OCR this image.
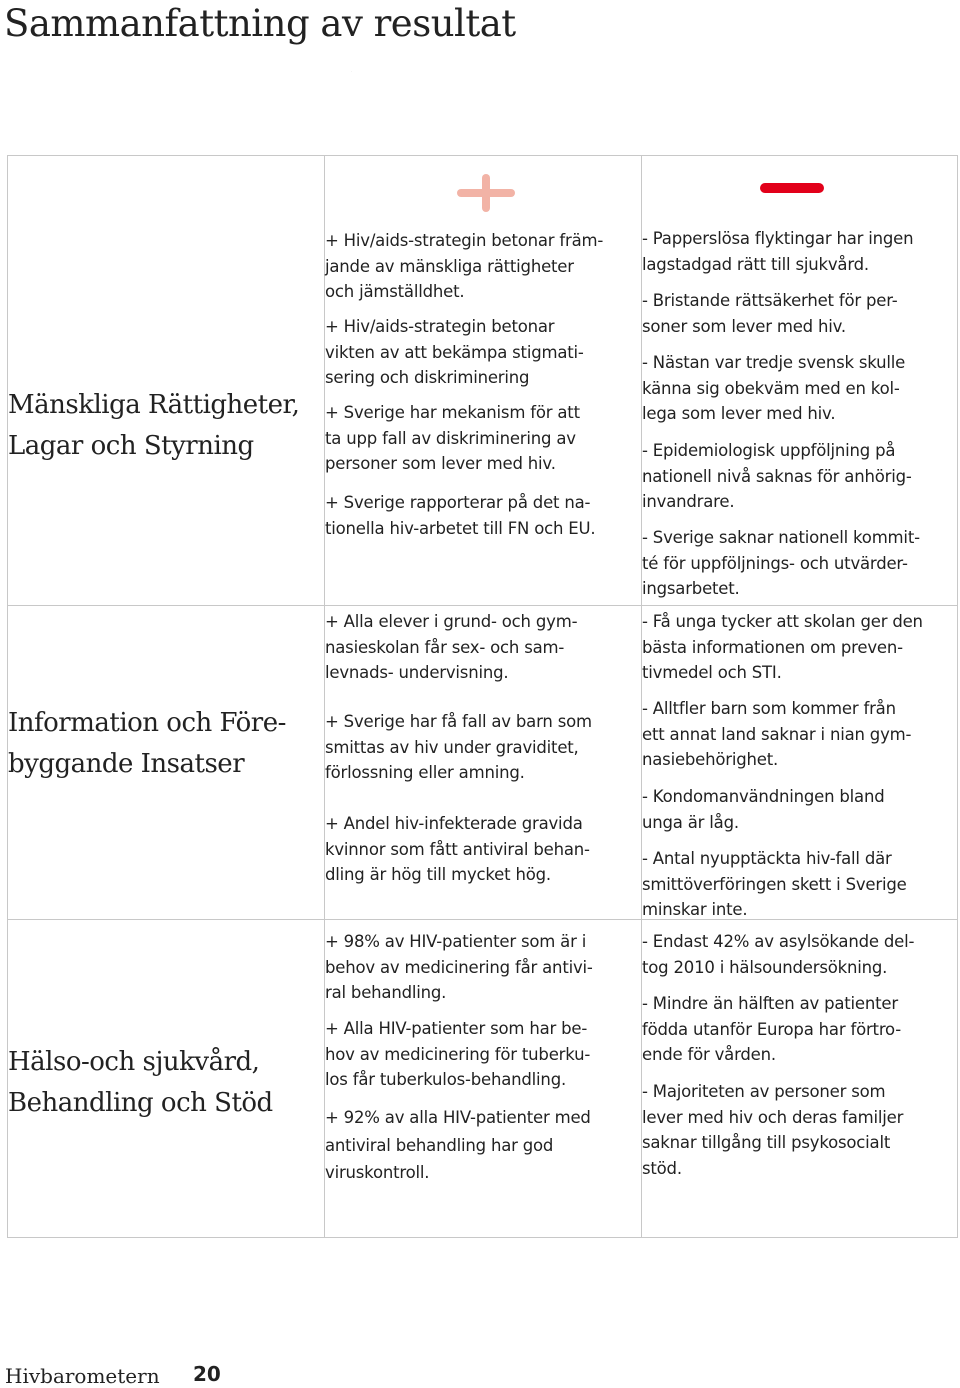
Sammanfattning av resultat
+
–
Mänskliga Rättigheter,
Lagar och Styrning
Information och Före-
byggande Insatser
Hälso-och sjukvård,
Behandling och Stöd

+ Hiv/aids-strategin betonar främ-
jande av mänskliga rättigheter
och jämställdhet.

+ Hiv/aids-strategin betonar
vikten av att bekämpa stigmati-
sering och diskriminering

+ Sverige har mekanism för att
ta upp fall av diskriminering av
personer som lever med hiv.

+ Sverige rapporterar på det na-
tionella hiv-arbetet till FN och EU.

+ Alla elever i grund- och gym-
nasieskolan får sex- och sam-
levnads- undervisning.

+ Sverige har få fall av barn som
smittas av hiv under graviditet,
förlossning eller amning.

+ Andel hiv-infekterade gravida
kvinnor som fått antiviral behan-
dling är hög till mycket hög.

+ 98% av HIV-patienter som är i
behov av medicinering får antivi-
ral behandling.

+ Alla HIV-patienter som har be-
hov av medicinering för tuberku-
los får tuberkulos-behandling.

+ 92% av alla HIV-patienter med
antiviral behandling har god
viruskontroll.

- Papperslösa flyktingar har ingen
lagstadgad rätt till sjukvård.

- Bristande rättsäkerhet för per-
soner som lever med hiv.

- Nästan var tredje svensk skulle
känna sig obekväm med en kol-
lega som lever med hiv.

- Epidemiologisk uppföljning på
nationell nivå saknas för anhörig-
invandrare.

- Sverige saknar nationell kommit-
té för uppföljnings- och utvärder-
ingsarbetet.

- Få unga tycker att skolan ger den
bästa informationen om preven-
tivmedel och STI.

- Alltfler barn som kommer från
ett annat land saknar i nian gym-
nasiebehörighet.

- Kondomanvändningen bland
unga är låg.

- Antal nyupptäckta hiv-fall där
smittöverföringen skett i Sverige
minskar inte.

- Endast 42% av asylsökande del-
tog 2010 i hälsoundersökning.

- Mindre än hälften av patienter
födda utanför Europa har förtro-
ende för vården.

- Majoriteten av personer som
lever med hiv och deras familjer
saknar tillgång till psykosocialt
stöd.

Hivbarometern 20
